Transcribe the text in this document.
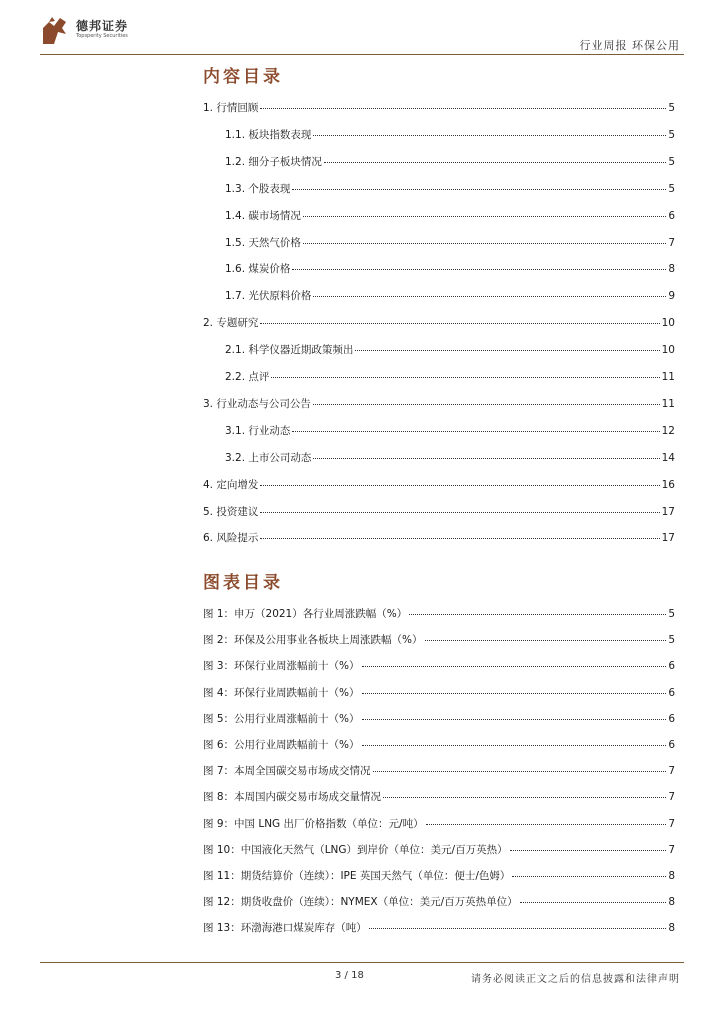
德邦证券
Topsperity Securities
行业周报 环保公用
内容目录
1. 行情回顾	5
1.1. 板块指数表现	5
1.2. 细分子板块情况	5
1.3. 个股表现	5
1.4. 碳市场情况	6
1.5. 天然气价格	7
1.6. 煤炭价格	8
1.7. 光伏原料价格	9
2. 专题研究	10
2.1. 科学仪器近期政策频出	10
2.2. 点评	11
3. 行业动态与公司公告	11
3.1. 行业动态	12
3.2. 上市公司动态	14
4. 定向增发	16
5. 投资建议	17
6. 风险提示	17
图表目录
图 1：申万（2021）各行业周涨跌幅（%）	5
图 2：环保及公用事业各板块上周涨跌幅（%）	5
图 3：环保行业周涨幅前十（%）	6
图 4：环保行业周跌幅前十（%）	6
图 5：公用行业周涨幅前十（%）	6
图 6：公用行业周跌幅前十（%）	6
图 7：本周全国碳交易市场成交情况	7
图 8：本周国内碳交易市场成交量情况	7
图 9：中国 LNG 出厂价格指数（单位：元/吨）	7
图 10：中国液化天然气（LNG）到岸价（单位：美元/百万英热）	7
图 11：期货结算价（连续）：IPE 英国天然气（单位：便士/色姆）	8
图 12：期货收盘价（连续）：NYMEX（单位：美元/百万英热单位）	8
图 13：环渤海港口煤炭库存（吨）	8
3 / 18	请务必阅读正文之后的信息披露和法律声明
